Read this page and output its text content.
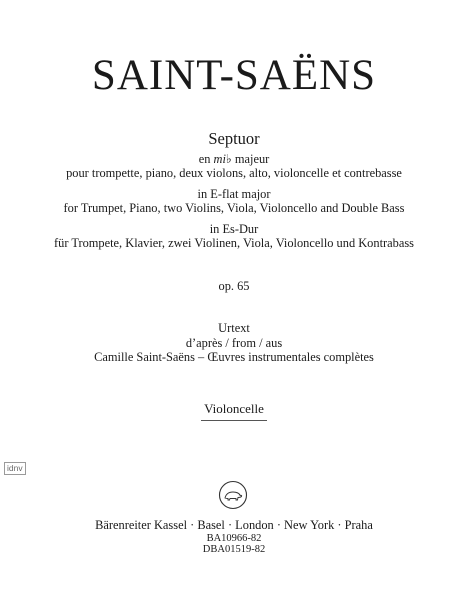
SAINT-SAËNS
Septuor
en mi♭ majeur
pour trompette, piano, deux violons, alto, violoncelle et contrebasse
in E-flat major
for Trumpet, Piano, two Violins, Viola, Violoncello and Double Bass
in Es-Dur
für Trompete, Klavier, zwei Violinen, Viola, Violoncello und Kontrabass
op. 65
Urtext
d’après / from / aus
Camille Saint-Saëns – Œuvres instrumentales complètes
Violoncelle
idnv
Bärenreiter Kassel · Basel · London · New York · Praha
BA10966-82
DBA01519-82
